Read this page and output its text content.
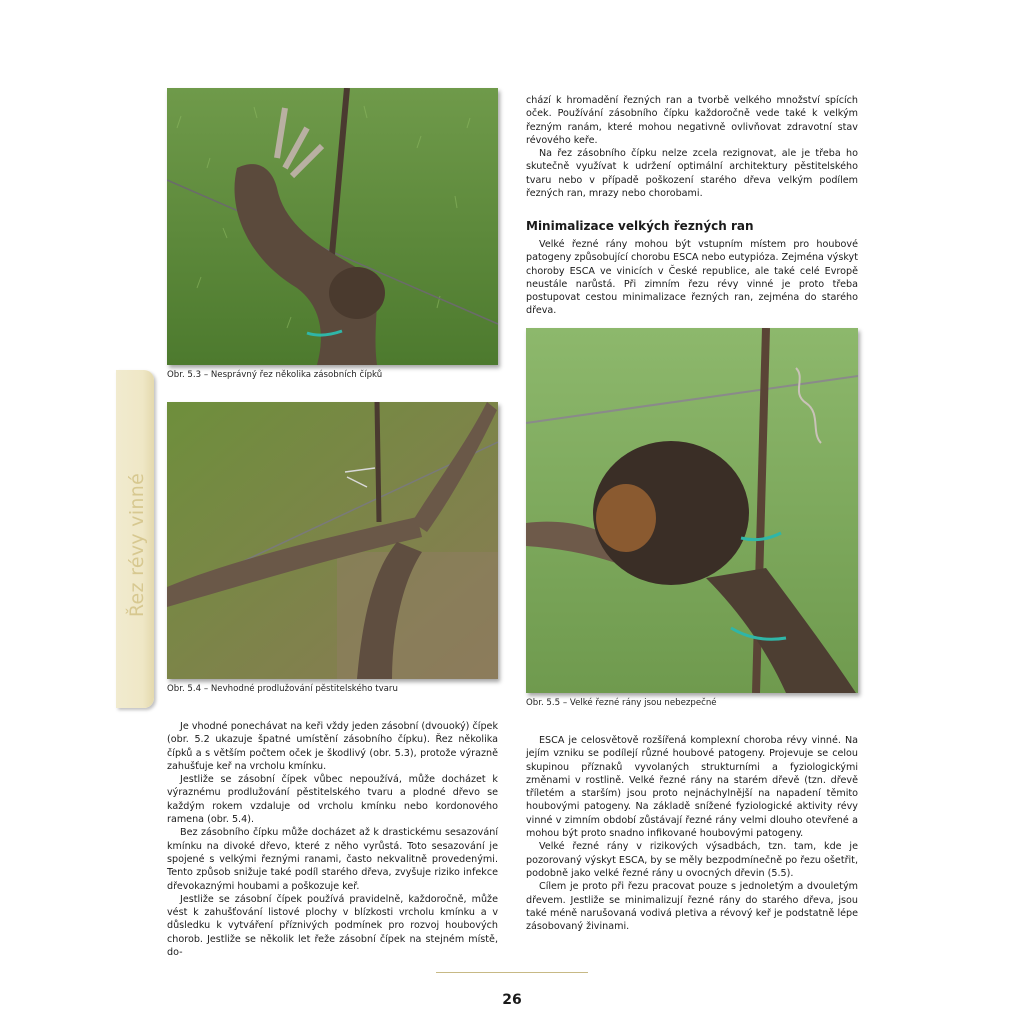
Obr. 5.3 – Nesprávný řez několika zásobních čípků
Obr. 5.4 – Nevhodné prodlužování pěstitelského tvaru

chází k hromadění řezných ran a tvorbě velkého množství spících oček. Používání zásobního čípku každoročně vede také k velkým řezným ranám, které mohou negativně ovlivňovat zdravotní stav révového keře.

Na řez zásobního čípku nelze zcela rezignovat, ale je třeba ho skutečně využívat k udržení optimální architektury pěstitelského tvaru nebo v případě poškození starého dřeva velkým podílem řezných ran, mrazy nebo chorobami.

Minimalizace velkých řezných ran

Velké řezné rány mohou být vstupním místem pro houbové patogeny způsobující chorobu ESCA nebo eutypióza. Zejména výskyt choroby ESCA ve vinicích v České republice, ale také celé Evropě neustále narůstá. Při zimním řezu révy vinné je proto třeba postupovat cestou minimalizace řezných ran, zejména do starého dřeva.

Obr. 5.5 – Velké řezné rány jsou nebezpečné
Řez révy vinné

Je vhodné ponechávat na keři vždy jeden zásobní (dvouoký) čípek (obr. 5.2 ukazuje špatné umístění zásobního čípku). Řez několika čípků a s větším počtem oček je škodlivý (obr. 5.3), protože výrazně zahušťuje keř na vrcholu kmínku.

Jestliže se zásobní čípek vůbec nepoužívá, může docházet k výraznému prodlužování pěstitelského tvaru a plodné dřevo se každým rokem vzdaluje od vrcholu kmínku nebo kordonového ramena (obr. 5.4).

Bez zásobního čípku může docházet až k drastickému sesazování kmínku na divoké dřevo, které z něho vyrůstá. Toto sesazování je spojené s velkými řeznými ranami, často nekvalitně provedenými. Tento způsob snižuje také podíl starého dřeva, zvyšuje riziko infekce dřevokaznými houbami a poškozuje keř.

Jestliže se zásobní čípek používá pravidelně, každoročně, může vést k zahušťování listové plochy v blízkosti vrcholu kmínku a v důsledku k vytváření příznivých podmínek pro rozvoj houbových chorob. Jestliže se několik let řeže zásobní čípek na stejném místě, do-

ESCA je celosvětově rozšířená komplexní choroba révy vinné. Na jejím vzniku se podílejí různé houbové patogeny. Projevuje se celou skupinou příznaků vyvolaných strukturními a fyziologickými změnami v rostlině. Velké řezné rány na starém dřevě (tzn. dřevě tříletém a starším) jsou proto nejnáchylnější na napadení těmito houbovými patogeny. Na základě snížené fyziologické aktivity révy vinné v zimním období zůstávají řezné rány velmi dlouho otevřené a mohou být proto snadno infikované houbovými patogeny.

Velké řezné rány v rizikových výsadbách, tzn. tam, kde je pozorovaný výskyt ESCA, by se měly bezpodmínečně po řezu ošetřit, podobně jako velké řezné rány u ovocných dřevin (5.5).

Cílem je proto při řezu pracovat pouze s jednoletým a dvouletým dřevem. Jestliže se minimalizují řezné rány do starého dřeva, jsou také méně narušovaná vodivá pletiva a révový keř je podstatně lépe zásobovaný živinami.

26
